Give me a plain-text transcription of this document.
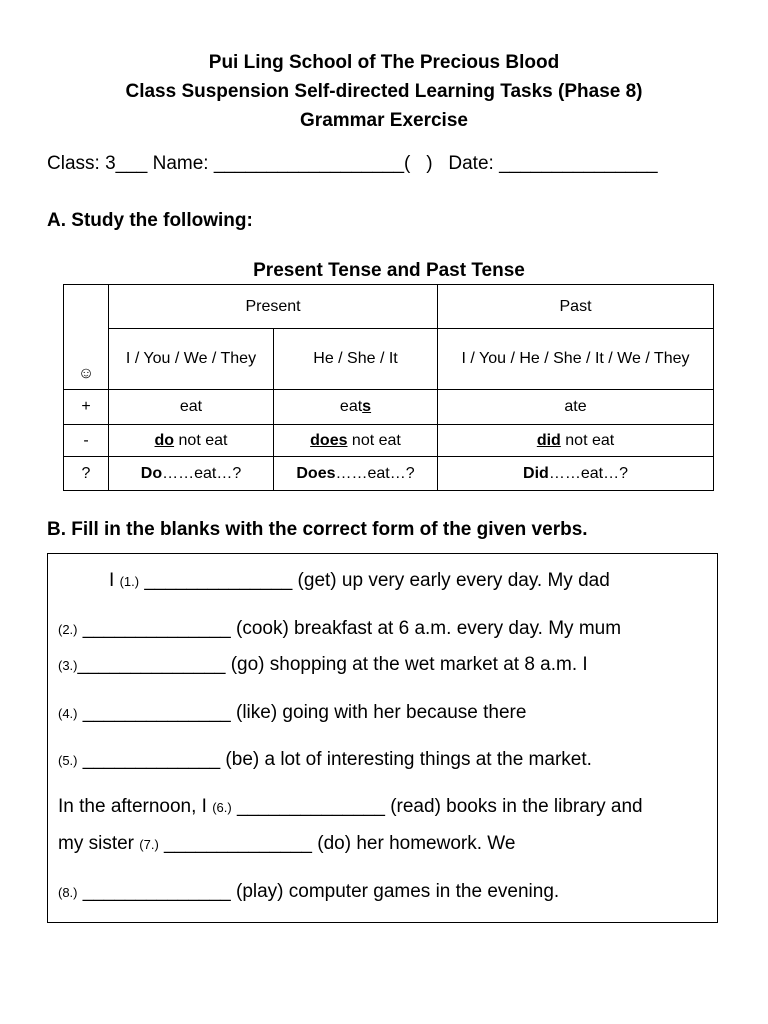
Pui Ling School of The Precious Blood
Class Suspension Self-directed Learning Tasks (Phase 8)
Grammar Exercise
Class: 3___ Name: __________________(   )   Date: _______________
A. Study the following:
Present Tense and Past Tense
☺	Present		Past
	I / You / We / They	He / She / It	I / You / He / She / It / We / They
+	eat	eats	ate
-	do not eat	does not eat	did not eat
?	Do……eat…?	Does……eat…?	Did……eat…?
B. Fill in the blanks with the correct form of the given verbs.
I (1.) ______________ (get) up very early every day. My dad
(2.) ______________ (cook) breakfast at 6 a.m. every day. My mum
(3.)______________ (go) shopping at the wet market at 8 a.m. I
(4.) ______________ (like) going with her because there
(5.) _____________ (be) a lot of interesting things at the market.
In the afternoon, I (6.) ______________ (read) books in the library and
my sister (7.) ______________ (do) her homework. We
(8.) ______________ (play) computer games in the evening.
